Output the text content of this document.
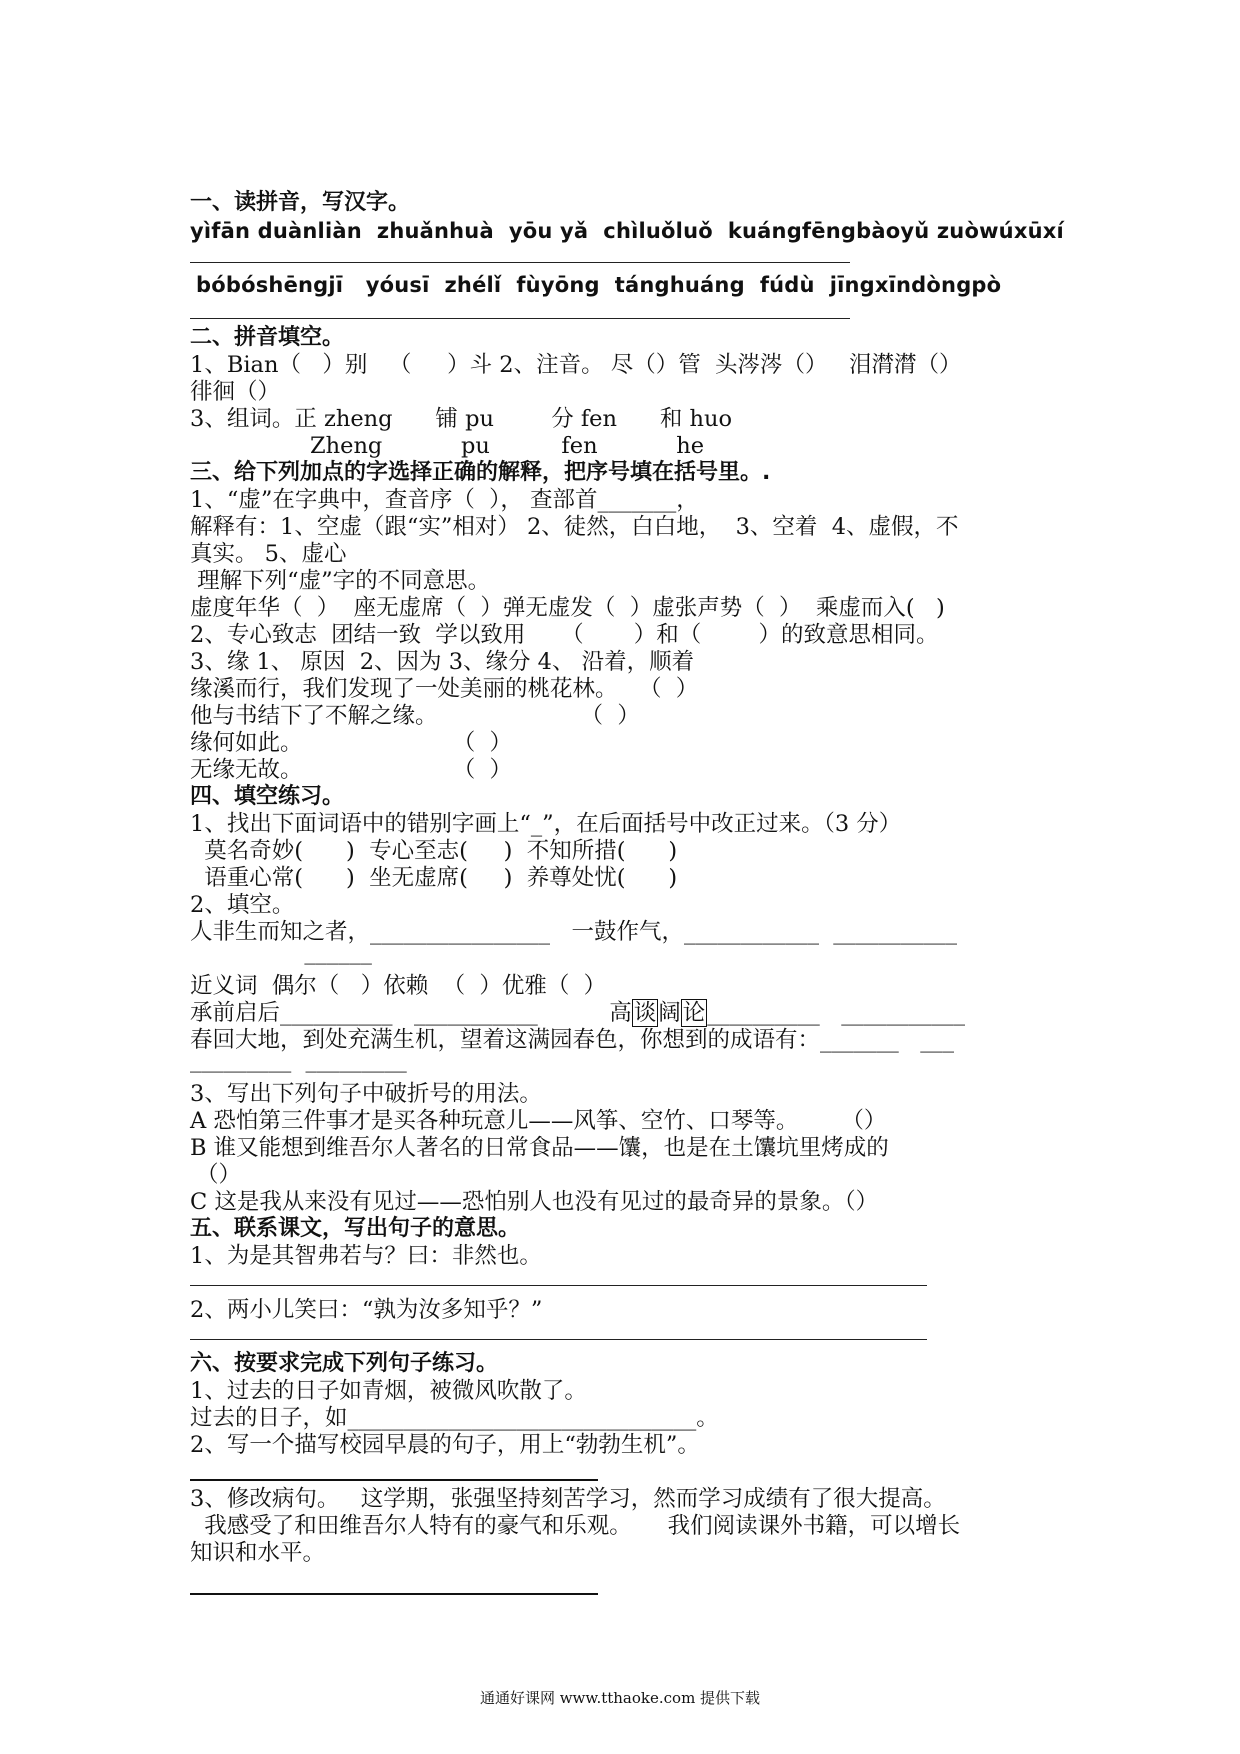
一、读拼音，写汉字。
yìfān duànliàn  zhuǎnhuà  yōu yǎ  chìluǒluǒ  kuángfēngbàoyǔ zuòwúxūxí
bóbóshēngjī   yóusī  zhélǐ  fùyōng  tánghuáng  fúdù  jīngxīndòngpò
二、拼音填空。
1、Bian（   ）别   （     ）斗 2、注音。 尽（）管  头涔涔（）   泪潸潸（）
徘徊（）
3、组词。正 zheng      铺 pu        分 fen      和 huo
Zheng           pu          fen           he
三、给下列加点的字选择正确的解释，把序号填在括号里。.
1、“虚”在字典中，查音序（  ）， 查部首_______，
解释有：1、空虚（跟“实”相对） 2、徒然，白白地，  3、空着  4、虚假，不
真实。 5、虚心
理解下列“虚”字的不同意思。
虚度年华（  ）  座无虚席（  ）弹无虚发（  ）虚张声势（  ）  乘虚而入(   )
2、专心致志  团结一致  学以致用     （       ）和（        ）的致意思相同。
3、缘 1、 原因  2、因为 3、缘分 4、 沿着，顺着
缘溪而行，我们发现了一处美丽的桃花林。   （  ）
他与书结下了不解之缘。                    （  ）
缘何如此。                     （  ）
无缘无故。                     （  ）
四、填空练习。
1、找出下面词语中的错别字画上“_”，在后面括号中改正过来。（3 分）
莫名奇妙(      )  专心至志(     )  不知所措(      )
语重心常(      )  坐无虚席(     )  养尊处忧(      )
2、填空。
人非生而知之者，________________   一鼓作气，____________  ___________
______
近义词  偶尔（   ）依赖  （  ）优雅（  ）
承前启后__________   ___________          高谈阔论__________   ___________
春回大地，到处充满生机，望着这满园春色，你想到的成语有：_______   ___
_________  _________
3、写出下列句子中破折号的用法。
A 恐怕第三件事才是买各种玩意儿——风筝、空竹、口琴等。      （）
B 谁又能想到维吾尔人著名的日常食品——馕，也是在土馕坑里烤成的
（）
C 这是我从来没有见过——恐怕别人也没有见过的最奇异的景象。（）
五、联系课文，写出句子的意思。
1、为是其智弗若与？曰：非然也。
2、两小儿笑曰：“孰为汝多知乎？”
六、按要求完成下列句子练习。
1、过去的日子如青烟，被微风吹散了。
过去的日子，如_______________________________。
2、写一个描写校园早晨的句子，用上“勃勃生机”。
3、修改病句。   这学期，张强坚持刻苦学习，然而学习成绩有了很大提高。
我感受了和田维吾尔人特有的豪气和乐观。     我们阅读课外书籍，可以增长
知识和水平。
通通好课网 www.tthaoke.com 提供下载
